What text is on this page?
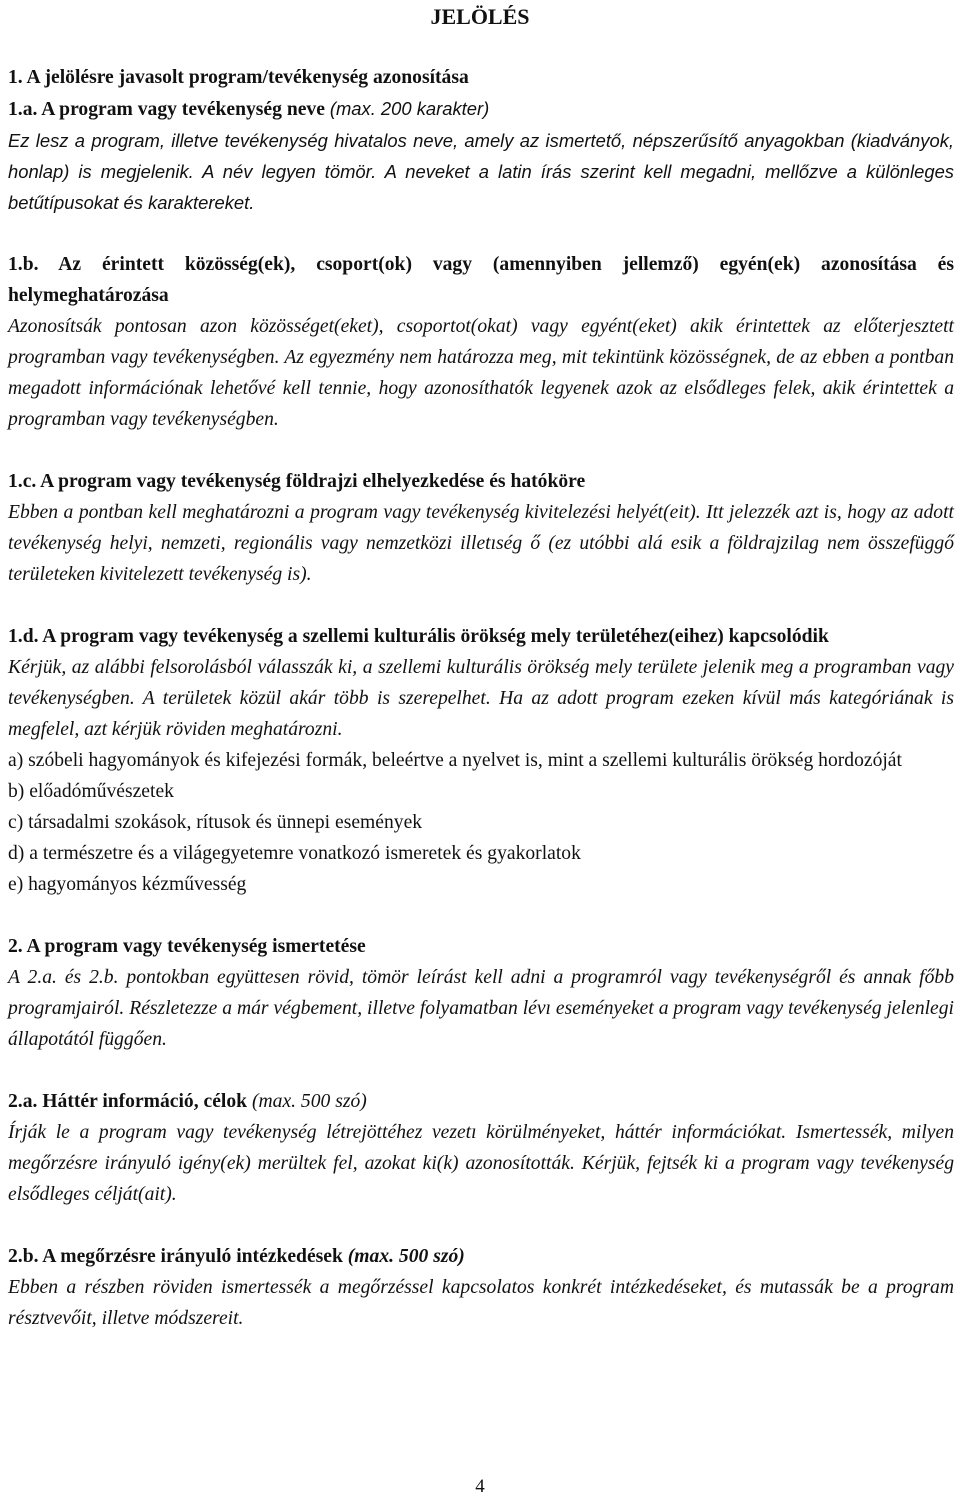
JELÖLÉS

1. A jelölésre javasolt program/tevékenység azonosítása

1.a. A program vagy tevékenység neve (max. 200 karakter)

Ez lesz a program, illetve tevékenység hivatalos neve, amely az ismertető, népszerűsítő anyagokban (kiadványok, honlap) is megjelenik. A név legyen tömör. A neveket a latin írás szerint kell megadni, mellőzve a különleges betűtípusokat és karaktereket.

1.b. Az érintett közösség(ek), csoport(ok) vagy (amennyiben jellemző) egyén(ek) azonosítása és helymeghatározása

Azonosítsák pontosan azon közösséget(eket), csoportot(okat) vagy egyént(eket) akik érintettek az előterjesztett programban vagy tevékenységben. Az egyezmény nem határozza meg, mit tekintünk közösségnek, de az ebben a pontban megadott információnak lehetővé kell tennie, hogy azonosíthatók legyenek azok az elsődleges felek, akik érintettek a programban vagy tevékenységben.

1.c. A program vagy tevékenység földrajzi elhelyezkedése és hatóköre

Ebben a pontban kell meghatározni a program vagy tevékenység kivitelezési helyét(eit). Itt jelezzék azt is, hogy az adott tevékenység helyi, nemzeti, regionális vagy nemzetközi illetıség ő (ez utóbbi alá esik a földrajzilag nem összefüggő területeken kivitelezett tevékenység is).

1.d. A program vagy tevékenység a szellemi kulturális örökség mely területéhez(eihez) kapcsolódik

Kérjük, az alábbi felsorolásból válasszák ki, a szellemi kulturális örökség mely területe jelenik meg a programban vagy tevékenységben. A területek közül akár több is szerepelhet. Ha az adott program ezeken kívül más kategóriának is megfelel, azt kérjük röviden meghatározni.

a) szóbeli hagyományok és kifejezési formák, beleértve a nyelvet is, mint a szellemi kulturális örökség hordozóját

b) előadóművészetek

c) társadalmi szokások, rítusok és ünnepi események

d) a természetre és a világegyetemre vonatkozó ismeretek és gyakorlatok

e) hagyományos kézművesség

2. A program vagy tevékenység ismertetése

A 2.a. és 2.b. pontokban együttesen rövid, tömör leírást kell adni a programról vagy tevékenységről és annak főbb programjairól. Részletezze a már végbement, illetve folyamatban lévı eseményeket a program vagy tevékenység jelenlegi állapotától függően.

2.a. Háttér információ, célok (max. 500 szó)

Írják le a program vagy tevékenység létrejöttéhez vezetı körülményeket, háttér információkat. Ismertessék, milyen megőrzésre irányuló igény(ek) merültek fel, azokat ki(k) azonosították. Kérjük, fejtsék ki a program vagy tevékenység elsődleges célját(ait).

2.b. A megőrzésre irányuló intézkedések (max. 500 szó)

Ebben a részben röviden ismertessék a megőrzéssel kapcsolatos konkrét intézkedéseket, és mutassák be a program résztvevőit, illetve módszereit.

4
